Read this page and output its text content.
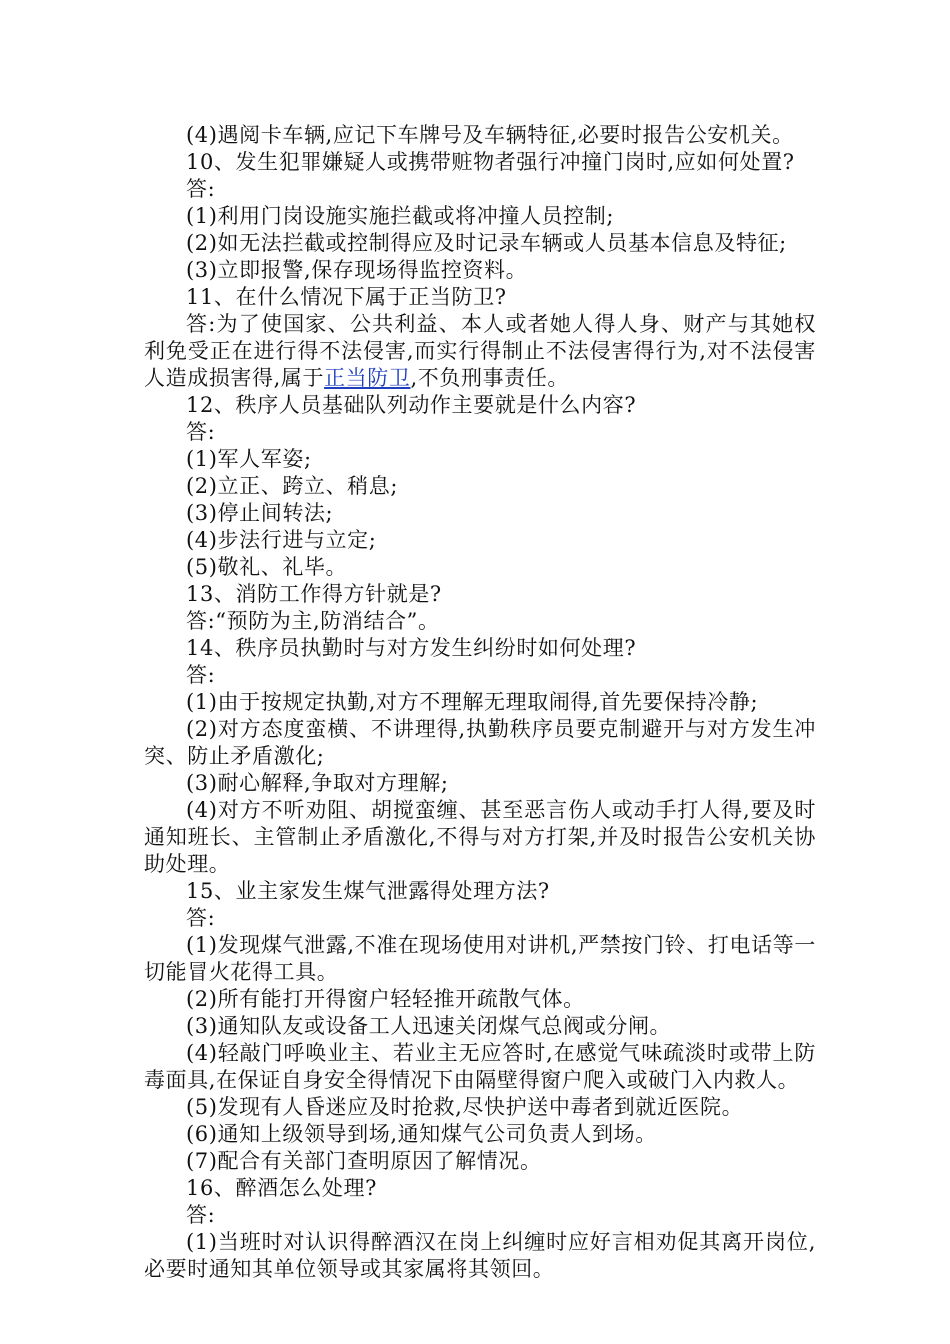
(4)遇阅卡车辆,应记下车牌号及车辆特征,必要时报告公安机关。

10、发生犯罪嫌疑人或携带赃物者强行冲撞门岗时,应如何处置?

答:

(1)利用门岗设施实施拦截或将冲撞人员控制;

(2)如无法拦截或控制得应及时记录车辆或人员基本信息及特征;

(3)立即报警,保存现场得监控资料。

11、在什么情况下属于正当防卫?

答:为了使国家、公共利益、本人或者她人得人身、财产与其她权利免受正在进行得不法侵害,而实行得制止不法侵害得行为,对不法侵害人造成损害得,属于正当防卫,不负刑事责任。

12、秩序人员基础队列动作主要就是什么内容?

答:

(1)军人军姿;

(2)立正、跨立、稍息;

(3)停止间转法;

(4)步法行进与立定;

(5)敬礼、礼毕。

13、消防工作得方针就是?

答:“预防为主,防消结合”。

14、秩序员执勤时与对方发生纠纷时如何处理?

答:

(1)由于按规定执勤,对方不理解无理取闹得,首先要保持冷静;

(2)对方态度蛮横、不讲理得,执勤秩序员要克制避开与对方发生冲突、防止矛盾激化;

(3)耐心解释,争取对方理解;

(4)对方不听劝阻、胡搅蛮缠、甚至恶言伤人或动手打人得,要及时通知班长、主管制止矛盾激化,不得与对方打架,并及时报告公安机关协助处理。

15、业主家发生煤气泄露得处理方法?

答:

(1)发现煤气泄露,不准在现场使用对讲机,严禁按门铃、打电话等一切能冒火花得工具。

(2)所有能打开得窗户轻轻推开疏散气体。

(3)通知队友或设备工人迅速关闭煤气总阀或分闸。

(4)轻敲门呼唤业主、若业主无应答时,在感觉气味疏淡时或带上防毒面具,在保证自身安全得情况下由隔壁得窗户爬入或破门入内救人。

(5)发现有人昏迷应及时抢救,尽快护送中毒者到就近医院。

(6)通知上级领导到场,通知煤气公司负责人到场。

(7)配合有关部门查明原因了解情况。

16、醉酒怎么处理?

答:

(1)当班时对认识得醉酒汉在岗上纠缠时应好言相劝促其离开岗位,必要时通知其单位领导或其家属将其领回。
